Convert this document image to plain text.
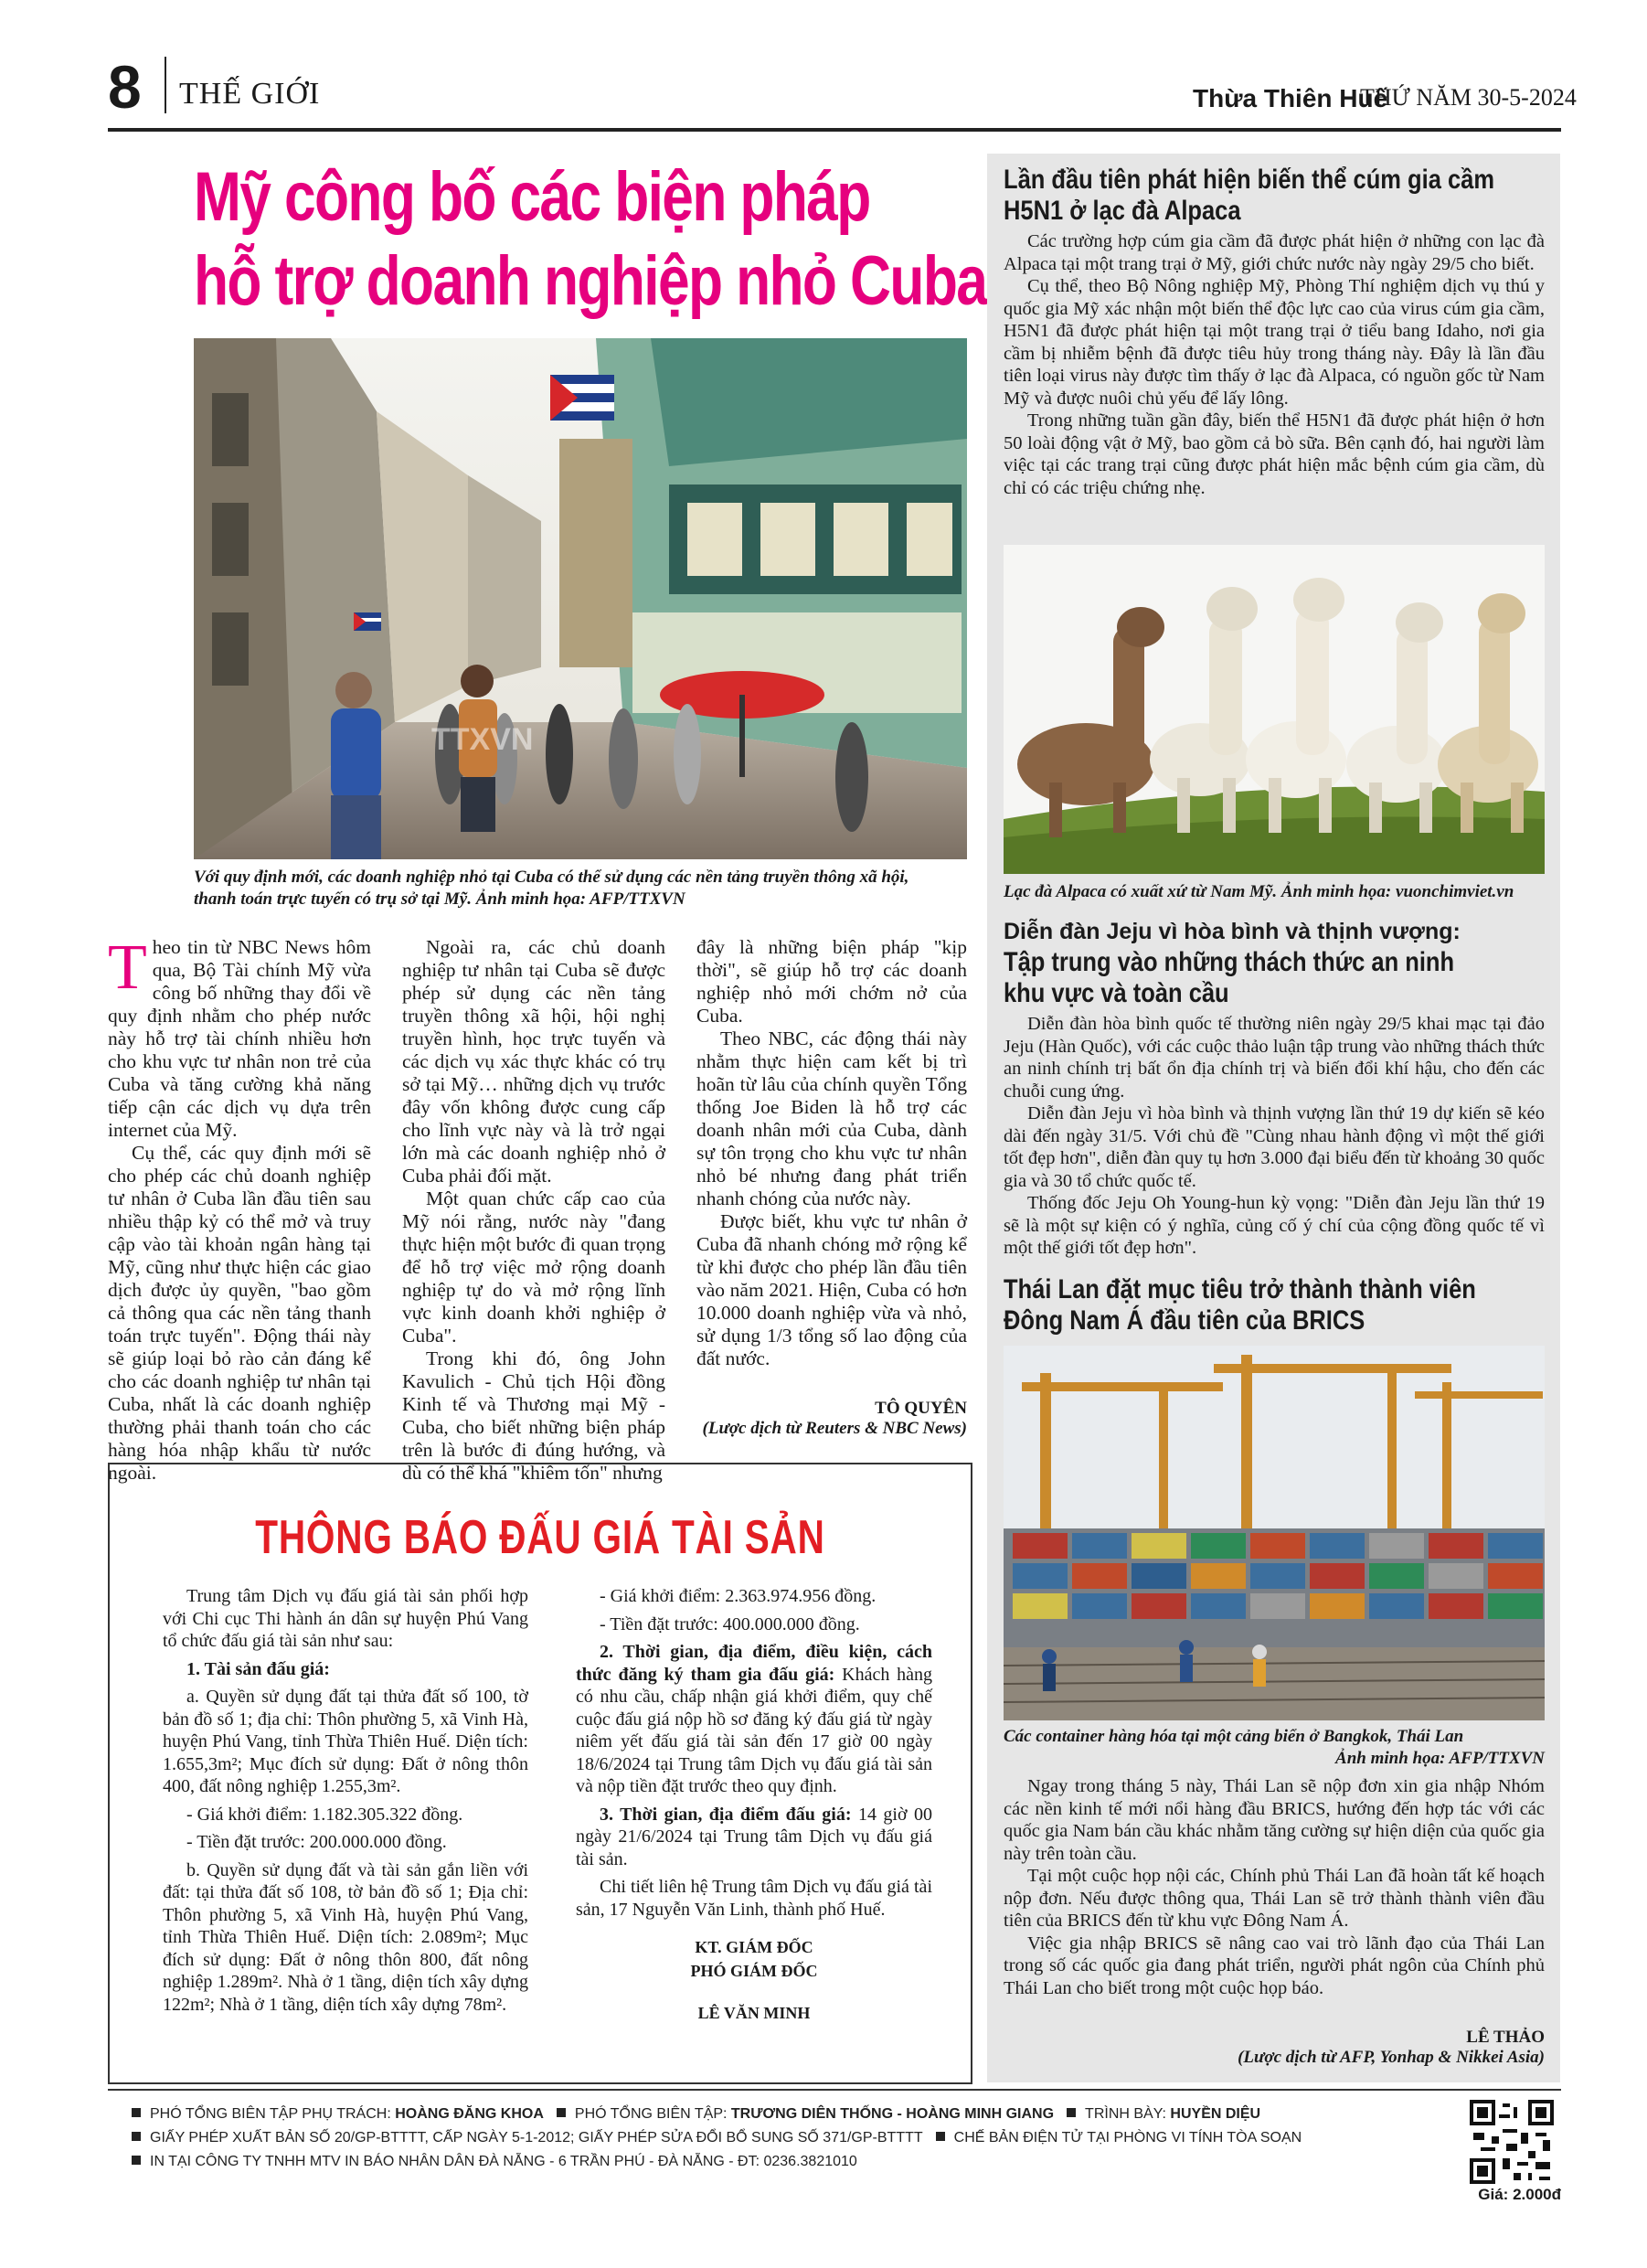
8 THẾ GIỚI	Thừa Thiên Huế
THỨ NĂM 30-5-2024
Mỹ công bố các biện pháp
hỗ trợ doanh nghiệp nhỏ Cuba
TTXVN
Với quy định mới, các doanh nghiệp nhỏ tại Cuba có thể sử dụng các nền tảng truyền thông xã hội,
thanh toán trực tuyến có trụ sở tại Mỹ. Ảnh minh họa: AFP/TTXVN

Theo tin từ NBC News hôm qua, Bộ Tài chính Mỹ vừa công bố những thay đổi về quy định nhằm cho phép nước này hỗ trợ tài chính nhiều hơn cho khu vực tư nhân non trẻ của Cuba và tăng cường khả năng tiếp cận các dịch vụ dựa trên internet của Mỹ.

Cụ thể, các quy định mới sẽ cho phép các chủ doanh nghiệp tư nhân ở Cuba lần đầu tiên sau nhiều thập kỷ có thể mở và truy cập vào tài khoản ngân hàng tại Mỹ, cũng như thực hiện các giao dịch được ủy quyền, "bao gồm cả thông qua các nền tảng thanh toán trực tuyến". Động thái này sẽ giúp loại bỏ rào cản đáng kể cho các doanh nghiệp tư nhân tại Cuba, nhất là các doanh nghiệp thường phải thanh toán cho các hàng hóa nhập khẩu từ nước ngoài.

Ngoài ra, các chủ doanh nghiệp tư nhân tại Cuba sẽ được phép sử dụng các nền tảng truyền thông xã hội, hội nghị truyền hình, học trực tuyến và các dịch vụ xác thực khác có trụ sở tại Mỹ… những dịch vụ trước đây vốn không được cung cấp cho lĩnh vực này và là trở ngại lớn mà các doanh nghiệp nhỏ ở Cuba phải đối mặt.

Một quan chức cấp cao của Mỹ nói rằng, nước này "đang thực hiện một bước đi quan trọng để hỗ trợ việc mở rộng doanh nghiệp tự do và mở rộng lĩnh vực kinh doanh khởi nghiệp ở Cuba".

Trong khi đó, ông John Kavulich - Chủ tịch Hội đồng Kinh tế và Thương mại Mỹ - Cuba, cho biết những biện pháp trên là bước đi đúng hướng, và dù có thể khá "khiêm tốn" nhưng

đây là những biện pháp "kịp thời", sẽ giúp hỗ trợ các doanh nghiệp nhỏ mới chớm nở của Cuba.

Theo NBC, các động thái này nhằm thực hiện cam kết bị trì hoãn từ lâu của chính quyền Tổng thống Joe Biden là hỗ trợ các doanh nhân mới của Cuba, dành sự tôn trọng cho khu vực tư nhân nhỏ bé nhưng đang phát triển nhanh chóng của nước này.

Được biết, khu vực tư nhân ở Cuba đã nhanh chóng mở rộng kể từ khi được cho phép lần đầu tiên vào năm 2021. Hiện, Cuba có hơn 10.000 doanh nghiệp vừa và nhỏ, sử dụng 1/3 tổng số lao động của đất nước.

TÔ QUYÊN
(Lược dịch từ Reuters & NBC News)
THÔNG BÁO ĐẤU GIÁ TÀI SẢN

Trung tâm Dịch vụ đấu giá tài sản phối hợp với Chi cục Thi hành án dân sự huyện Phú Vang tổ chức đấu giá tài sản như sau:

1. Tài sản đấu giá:

a. Quyền sử dụng đất tại thửa đất số 100, tờ bản đồ số 1; địa chỉ: Thôn phường 5, xã Vinh Hà, huyện Phú Vang, tỉnh Thừa Thiên Huế. Diện tích: 1.655,3m²; Mục đích sử dụng: Đất ở nông thôn 400, đất nông nghiệp 1.255,3m².

- Giá khởi điểm: 1.182.305.322 đồng.

- Tiền đặt trước: 200.000.000 đồng.

b. Quyền sử dụng đất và tài sản gắn liền với đất: tại thửa đất số 108, tờ bản đồ số 1; Địa chỉ: Thôn phường 5, xã Vinh Hà, huyện Phú Vang, tỉnh Thừa Thiên Huế. Diện tích: 2.089m²; Mục đích sử dụng: Đất ở nông thôn 800, đất nông nghiệp 1.289m². Nhà ở 1 tầng, diện tích xây dựng 122m²; Nhà ở 1 tầng, diện tích xây dựng 78m².

- Giá khởi điểm: 2.363.974.956 đồng.

- Tiền đặt trước: 400.000.000 đồng.

2. Thời gian, địa điểm, điều kiện, cách thức đăng ký tham gia đấu giá: Khách hàng có nhu cầu, chấp nhận giá khởi điểm, quy chế cuộc đấu giá nộp hồ sơ đăng ký đấu giá từ ngày niêm yết đấu giá tài sản đến 17 giờ 00 ngày 18/6/2024 tại Trung tâm Dịch vụ đấu giá tài sản và nộp tiền đặt trước theo quy định.

3. Thời gian, địa điểm đấu giá: 14 giờ 00 ngày 21/6/2024 tại Trung tâm Dịch vụ đấu giá tài sản.

Chi tiết liên hệ Trung tâm Dịch vụ đấu giá tài sản, 17 Nguyễn Văn Linh, thành phố Huế.

KT. GIÁM ĐỐC
PHÓ GIÁM ĐỐC
LÊ VĂN MINH
Lần đầu tiên phát hiện biến thể cúm gia cầm
H5N1 ở lạc đà Alpaca

Các trường hợp cúm gia cầm đã được phát hiện ở những con lạc đà Alpaca tại một trang trại ở Mỹ, giới chức nước này ngày 29/5 cho biết.

Cụ thể, theo Bộ Nông nghiệp Mỹ, Phòng Thí nghiệm dịch vụ thú y quốc gia Mỹ xác nhận một biến thể độc lực cao của virus cúm gia cầm, H5N1 đã được phát hiện tại một trang trại ở tiểu bang Idaho, nơi gia cầm bị nhiễm bệnh đã được tiêu hủy trong tháng này. Đây là lần đầu tiên loại virus này được tìm thấy ở lạc đà Alpaca, có nguồn gốc từ Nam Mỹ và được nuôi chủ yếu để lấy lông.

Trong những tuần gần đây, biến thể H5N1 đã được phát hiện ở hơn 50 loài động vật ở Mỹ, bao gồm cả bò sữa. Bên cạnh đó, hai người làm việc tại các trang trại cũng được phát hiện mắc bệnh cúm gia cầm, dù chỉ có các triệu chứng nhẹ.

Lạc đà Alpaca có xuất xứ từ Nam Mỹ. Ảnh minh họa: vuonchimviet.vn
Diễn đàn Jeju vì hòa bình và thịnh vượng:
Tập trung vào những thách thức an ninh
khu vực và toàn cầu

Diễn đàn hòa bình quốc tế thường niên ngày 29/5 khai mạc tại đảo Jeju (Hàn Quốc), với các cuộc thảo luận tập trung vào những thách thức an ninh chính trị bất ổn địa chính trị và biến đổi khí hậu, cho đến các chuỗi cung ứng.

Diễn đàn Jeju vì hòa bình và thịnh vượng lần thứ 19 dự kiến sẽ kéo dài đến ngày 31/5. Với chủ đề "Cùng nhau hành động vì một thế giới tốt đẹp hơn", diễn đàn quy tụ hơn 3.000 đại biểu đến từ khoảng 30 quốc gia và 30 tổ chức quốc tế.

Thống đốc Jeju Oh Young-hun kỳ vọng: "Diễn đàn Jeju lần thứ 19 sẽ là một sự kiện có ý nghĩa, củng cố ý chí của cộng đồng quốc tế vì một thế giới tốt đẹp hơn".

Thái Lan đặt mục tiêu trở thành thành viên
Đông Nam Á đầu tiên của BRICS
Các container hàng hóa tại một cảng biển ở Bangkok, Thái Lan
Ảnh minh họa: AFP/TTXVN

Ngay trong tháng 5 này, Thái Lan sẽ nộp đơn xin gia nhập Nhóm các nền kinh tế mới nổi hàng đầu BRICS, hướng đến hợp tác với các quốc gia Nam bán cầu khác nhằm tăng cường sự hiện diện của quốc gia này trên toàn cầu.

Tại một cuộc họp nội các, Chính phủ Thái Lan đã hoàn tất kế hoạch nộp đơn. Nếu được thông qua, Thái Lan sẽ trở thành thành viên đầu tiên của BRICS đến từ khu vực Đông Nam Á.

Việc gia nhập BRICS sẽ nâng cao vai trò lãnh đạo của Thái Lan trong số các quốc gia đang phát triển, người phát ngôn của Chính phủ Thái Lan cho biết trong một cuộc họp báo.

LÊ THẢO
(Lược dịch từ AFP, Yonhap & Nikkei Asia)
PHÓ TỔNG BIÊN TẬP PHỤ TRÁCH: HOÀNG ĐĂNG KHOA PHÓ TỔNG BIÊN TẬP: TRƯƠNG DIÊN THỐNG - HOÀNG MINH GIANG TRÌNH BÀY: HUYỀN DIỆU
GIẤY PHÉP XUẤT BẢN SỐ 20/GP-BTTTT, CẤP NGÀY 5-1-2012; GIẤY PHÉP SỬA ĐỔI BỔ SUNG SỐ 371/GP-BTTTT CHẾ BẢN ĐIỆN TỬ TẠI PHÒNG VI TÍNH TÒA SOẠN
IN TẠI CÔNG TY TNHH MTV IN BÁO NHÂN DÂN ĐÀ NẴNG - 6 TRẦN PHÚ - ĐÀ NẴNG - ĐT: 0236.3821010
Giá: 2.000đ
